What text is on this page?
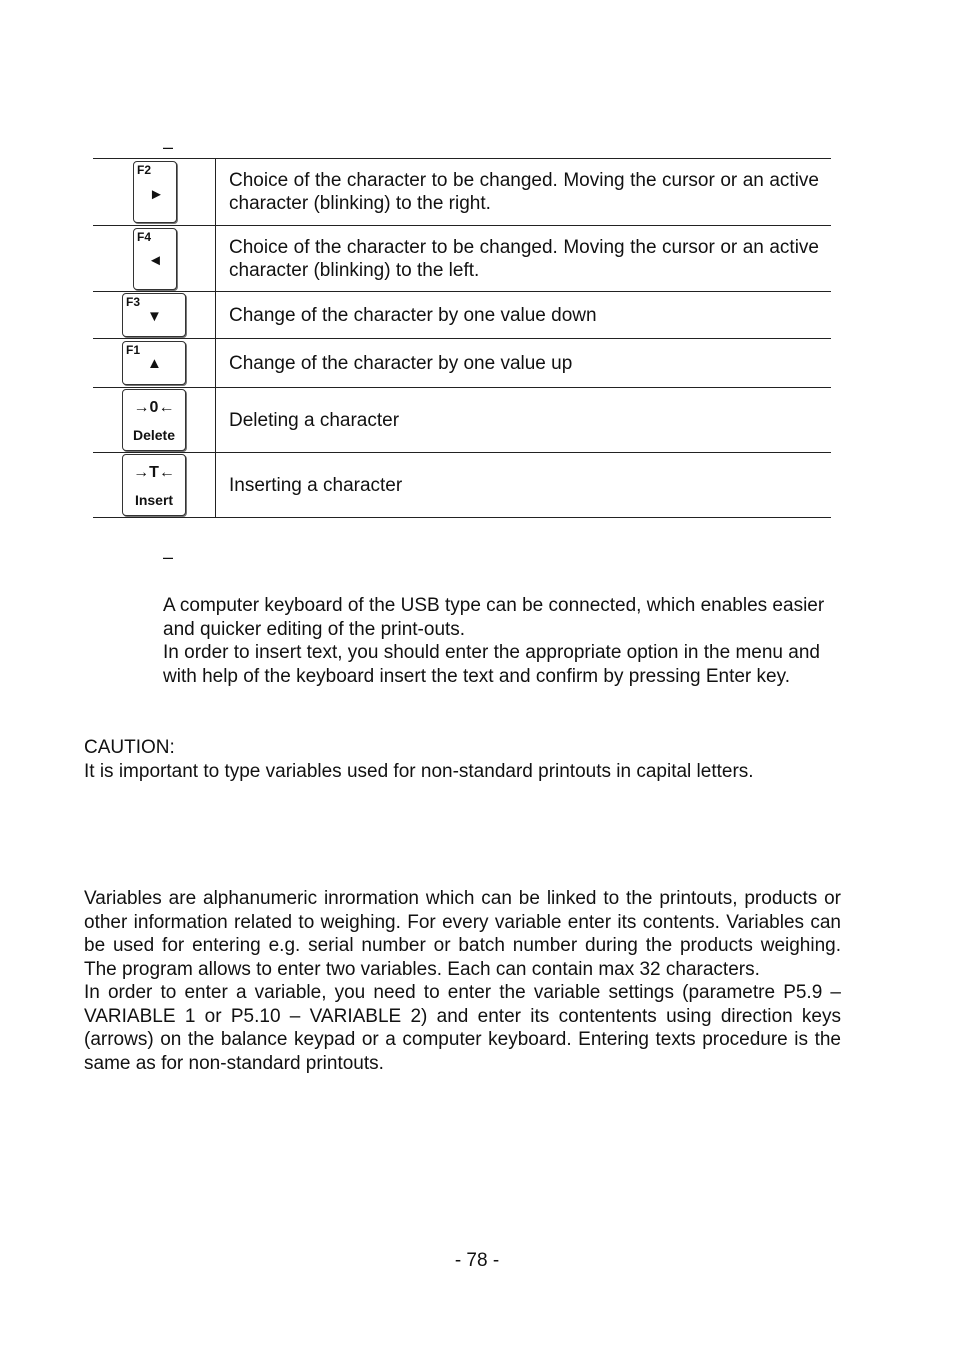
–
F2
►	Choice of the character to be changed. Moving the cursor or an active character (blinking) to the right.

F4
◄	Choice of the character to be changed. Moving the cursor or an active character (blinking) to the left.

F3
▼	Change of the character by one value down

F1
▲	Change of the character by one value up

→0←
Delete	Deleting a character

→T←
Insert	Inserting a character
–
A computer keyboard of the USB type can be connected, which enables easier and quicker editing of the print-outs.
In order to insert text, you should enter the appropriate option in the menu and with help of the keyboard insert the text and confirm by pressing Enter key.
CAUTION:
It is important to type variables used for non-standard printouts in capital letters.
Variables are alphanumeric inrormation which can be linked to the printouts, products or other information related to weighing. For every variable enter its contents. Variables can be used for entering e.g. serial number or batch number during the products weighing. The program allows to enter two variables. Each can contain max 32 characters.
In order to enter a variable, you need to enter the variable settings (parametre P5.9 – VARIABLE 1 or P5.10 – VARIABLE 2) and enter its contentents using direction keys (arrows) on the balance keypad or a computer keyboard. Entering texts procedure is the same as for non-standard printouts.
- 78 -
